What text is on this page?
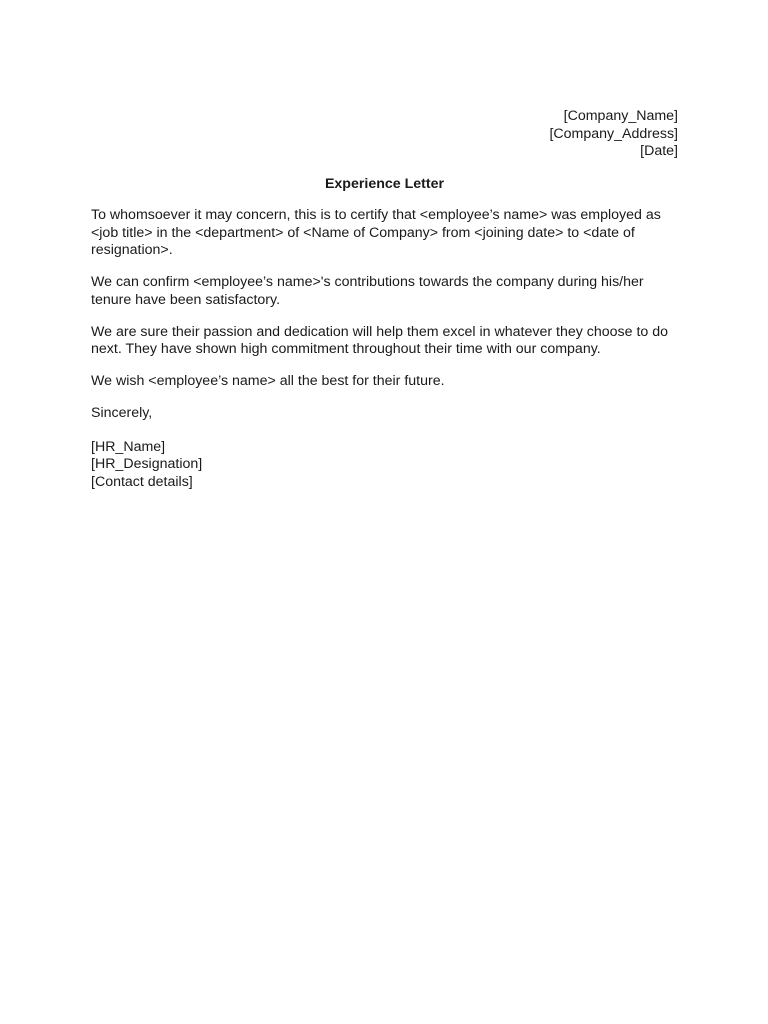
[Company_Name]
[Company_Address]
[Date]
Experience Letter

To whomsoever it may concern, this is to certify that <employee’s name> was employed as <job title> in the <department> of <Name of Company> from <joining date> to <date of resignation>.

We can confirm <employee’s name>'s contributions towards the company during his/her tenure have been satisfactory.

We are sure their passion and dedication will help them excel in whatever they choose to do next. They have shown high commitment throughout their time with our company.

We wish <employee’s name> all the best for their future.

Sincerely,

[HR_Name]
[HR_Designation]
[Contact details]
